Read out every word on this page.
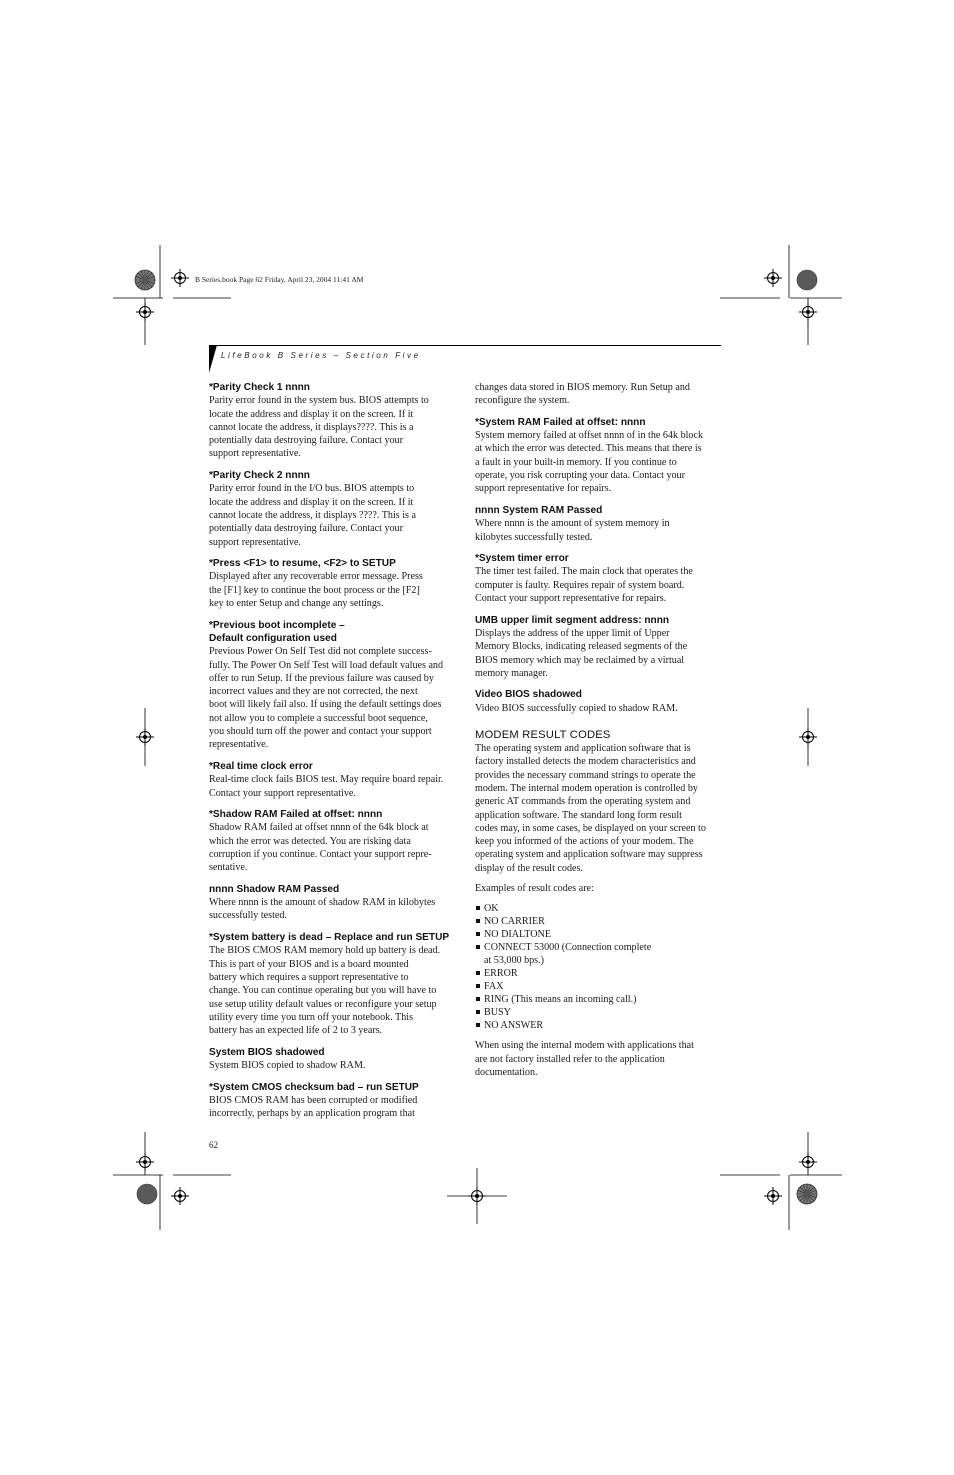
B Series.book Page 62 Friday, April 23, 2004 11:41 AM
LifeBook B Series – Section Five
*Parity Check 1 nnnn

Parity error found in the system bus. BIOS attempts to
locate the address and display it on the screen. If it
cannot locate the address, it displays????. This is a
potentially data destroying failure. Contact your
support representative.

*Parity Check 2 nnnn

Parity error found in the I/O bus. BIOS attempts to
locate the address and display it on the screen. If it
cannot locate the address, it displays ????. This is a
potentially data destroying failure. Contact your
support representative.

*Press <F1> to resume, <F2> to SETUP

Displayed after any recoverable error message. Press
the [F1] key to continue the boot process or the [F2]
key to enter Setup and change any settings.

*Previous boot incomplete –
Default configuration used

Previous Power On Self Test did not complete success-
fully. The Power On Self Test will load default values and
offer to run Setup. If the previous failure was caused by
incorrect values and they are not corrected, the next
boot will likely fail also. If using the default settings does
not allow you to complete a successful boot sequence,
you should turn off the power and contact your support
representative.

*Real time clock error

Real-time clock fails BIOS test. May require board repair.
Contact your support representative.

*Shadow RAM Failed at offset: nnnn

Shadow RAM failed at offset nnnn of the 64k block at
which the error was detected. You are risking data
corruption if you continue. Contact your support repre-
sentative.

nnnn Shadow RAM Passed

Where nnnn is the amount of shadow RAM in kilobytes
successfully tested.

*System battery is dead – Replace and run SETUP

The BIOS CMOS RAM memory hold up battery is dead.
This is part of your BIOS and is a board mounted
battery which requires a support representative to
change. You can continue operating but you will have to
use setup utility default values or reconfigure your setup
utility every time you turn off your notebook. This
battery has an expected life of 2 to 3 years.

System BIOS shadowed

System BIOS copied to shadow RAM.

*System CMOS checksum bad – run SETUP

BIOS CMOS RAM has been corrupted or modified
incorrectly, perhaps by an application program that

changes data stored in BIOS memory. Run Setup and
reconfigure the system.

*System RAM Failed at offset: nnnn

System memory failed at offset nnnn of in the 64k block
at which the error was detected. This means that there is
a fault in your built-in memory. If you continue to
operate, you risk corrupting your data. Contact your
support representative for repairs.

nnnn System RAM Passed

Where nnnn is the amount of system memory in
kilobytes successfully tested.

*System timer error

The timer test failed. The main clock that operates the
computer is faulty. Requires repair of system board.
Contact your support representative for repairs.

UMB upper limit segment address: nnnn

Displays the address of the upper limit of Upper
Memory Blocks, indicating released segments of the
BIOS memory which may be reclaimed by a virtual
memory manager.

Video BIOS shadowed

Video BIOS successfully copied to shadow RAM.

MODEM RESULT CODES

The operating system and application software that is
factory installed detects the modem characteristics and
provides the necessary command strings to operate the
modem. The internal modem operation is controlled by
generic AT commands from the operating system and
application software. The standard long form result
codes may, in some cases, be displayed on your screen to
keep you informed of the actions of your modem. The
operating system and application software may suppress
display of the result codes.

Examples of result codes are:

OK
NO CARRIER
NO DIALTONE
CONNECT 53000 (Connection complete
at 53,000 bps.)
ERROR
FAX
RING (This means an incoming call.)
BUSY
NO ANSWER

When using the internal modem with applications that
are not factory installed refer to the application
documentation.

62
